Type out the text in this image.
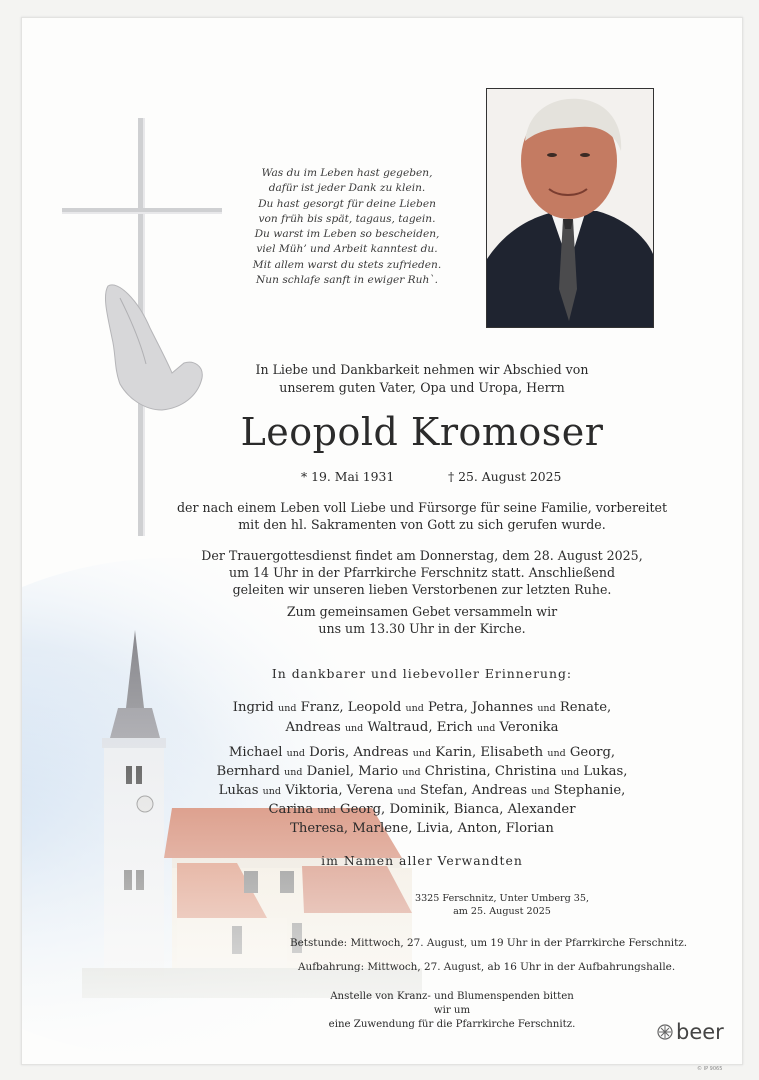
Was du im Leben hast gegeben,
dafür ist jeder Dank zu klein.
Du hast gesorgt für deine Lieben
von früh bis spät, tagaus, tagein.
Du warst im Leben so bescheiden,
viel Müh’ und Arbeit kanntest du.
Mit allem warst du stets zufrieden.
Nun schlafe sanft in ewiger Ruh`.
In Liebe und Dankbarkeit nehmen wir Abschied von
unserem guten Vater, Opa und Uropa, Herrn
Leopold Kromoser
* 19. Mai 1931	† 25. August 2025
der nach einem Leben voll Liebe und Fürsorge für seine Familie, vorbereitet
mit den hl. Sakramenten von Gott zu sich gerufen wurde.
Der Trauergottesdienst findet am Donnerstag, dem 28. August 2025,
um 14 Uhr in der Pfarrkirche Ferschnitz statt. Anschließend
geleiten wir unseren lieben Verstorbenen zur letzten Ruhe.
Zum gemeinsamen Gebet versammeln wir
uns um 13.30 Uhr in der Kirche.
In dankbarer und liebevoller Erinnerung:
Ingrid und Franz, Leopold und Petra, Johannes und Renate,
Andreas und Waltraud, Erich und Veronika
Michael und Doris, Andreas und Karin, Elisabeth und Georg,
Bernhard und Daniel, Mario und Christina, Christina und Lukas,
Lukas und Viktoria, Verena und Stefan, Andreas und Stephanie,
Carina und Georg, Dominik, Bianca, Alexander
Theresa, Marlene, Livia, Anton, Florian
im Namen aller Verwandten
3325 Ferschnitz, Unter Umberg 35,
am 25. August 2025
Betstunde: Mittwoch, 27. August, um 19 Uhr in der Pfarrkirche Ferschnitz.
Aufbahrung: Mittwoch, 27. August, ab 16 Uhr in der Aufbahrungshalle.
Anstelle von Kranz- und Blumenspenden bitten wir um
eine Zuwendung für die Pfarrkirche Ferschnitz.	beer
© IP 9065
